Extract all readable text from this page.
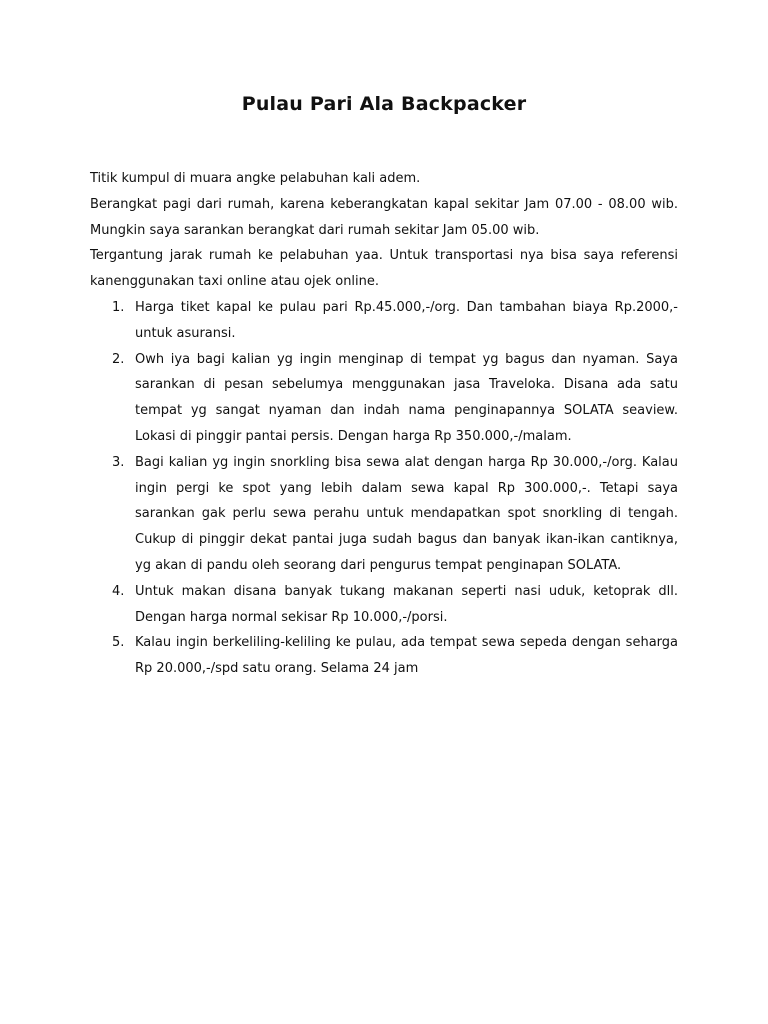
Pulau Pari Ala Backpacker

Titik kumpul di muara angke pelabuhan kali adem.

Berangkat pagi dari rumah, karena keberangkatan kapal sekitar Jam 07.00 - 08.00 wib. Mungkin saya sarankan berangkat dari rumah sekitar Jam 05.00 wib.

Tergantung jarak rumah ke pelabuhan yaa. Untuk transportasi nya bisa saya referensi kanenggunakan taxi online atau ojek online.

1. Harga tiket kapal ke pulau pari Rp.45.000,-/org. Dan tambahan biaya Rp.2000,- untuk asuransi.
2. Owh iya bagi kalian yg ingin menginap di tempat yg bagus dan nyaman. Saya sarankan di pesan sebelumya menggunakan jasa Traveloka. Disana ada satu tempat yg sangat nyaman dan indah nama penginapannya SOLATA seaview. Lokasi di pinggir pantai persis. Dengan harga Rp 350.000,-/malam.
3. Bagi kalian yg ingin snorkling bisa sewa alat dengan harga Rp 30.000,-/org. Kalau ingin pergi ke spot yang lebih dalam sewa kapal Rp 300.000,-. Tetapi saya sarankan gak perlu sewa perahu untuk mendapatkan spot snorkling di tengah. Cukup di pinggir dekat pantai juga sudah bagus dan banyak ikan-ikan cantiknya, yg akan di pandu oleh seorang dari pengurus tempat penginapan SOLATA.
4. Untuk makan disana banyak tukang makanan seperti nasi uduk, ketoprak dll. Dengan harga normal sekisar Rp 10.000,-/porsi.
5. Kalau ingin berkeliling-keliling ke pulau, ada tempat sewa sepeda dengan seharga Rp 20.000,-/spd satu orang. Selama 24 jam
